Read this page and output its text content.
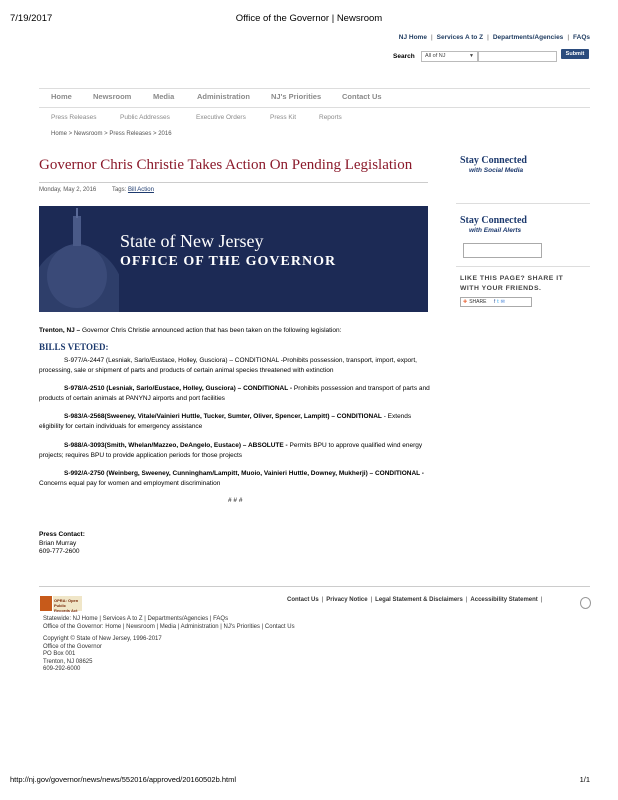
7/19/2017	Office of the Governor | Newsroom
NJ Home | Services A to Z | Departments/Agencies | FAQs
Search	All of NJ	▼	Submit
Home	Newsroom	Media	Administration	NJ's Priorities	Contact Us
Press Releases	Public Addresses	Executive Orders	Press Kit	Reports
Home > Newsroom > Press Releases > 2016
Governor Chris Christie Takes Action On Pending Legislation
Monday, May 2, 2016	Tags: Bill Action
State of New Jersey
OFFICE OF THE GOVERNOR
Trenton, NJ – Governor Chris Christie announced action that has been taken on the following legislation:
BILLS VETOED:
S-977/A-2447 (Lesniak, Sarlo/Eustace, Holley, Gusciora) – CONDITIONAL -Prohibits possession, transport, import, export, processing, sale or shipment of parts and products of certain animal species threatened with extinction
S-978/A-2510 (Lesniak, Sarlo/Eustace, Holley, Gusciora) – CONDITIONAL - Prohibits possession and transport of parts and products of certain animals at PANYNJ airports and port facilities
S-983/A-2568(Sweeney, Vitale/Vainieri Huttle, Tucker, Sumter, Oliver, Spencer, Lampitt) – CONDITIONAL - Extends eligibility for certain individuals for emergency assistance
S-988/A-3093(Smith, Whelan/Mazzeo, DeAngelo, Eustace) – ABSOLUTE - Permits BPU to approve qualified wind energy projects; requires BPU to provide application periods for those projects
S-992/A-2750 (Weinberg, Sweeney, Cunningham/Lampitt, Muoio, Vainieri Huttle, Downey, Mukherji) – CONDITIONAL - Concerns equal pay for women and employment discrimination
# # #
Press Contact:
Brian Murray
609-777-2600
Stay Connected
with Social Media
Stay Connected
with Email Alerts
LIKE THIS PAGE? SHARE IT WITH YOUR FRIENDS.
✚ SHARE f t ✉
OPRA: Open
Public Records Act
Contact Us | Privacy Notice | Legal Statement & Disclaimers | Accessibility Statement |
Statewide: NJ Home | Services A to Z | Departments/Agencies | FAQs
Office of the Governor: Home | Newsroom | Media | Administration | NJ's Priorities | Contact Us
Copyright © State of New Jersey, 1996-2017
Office of the Governor
PO Box 001
Trenton, NJ 08625
609-292-6000
http://nj.gov/governor/news/news/552016/approved/20160502b.html	1/1
